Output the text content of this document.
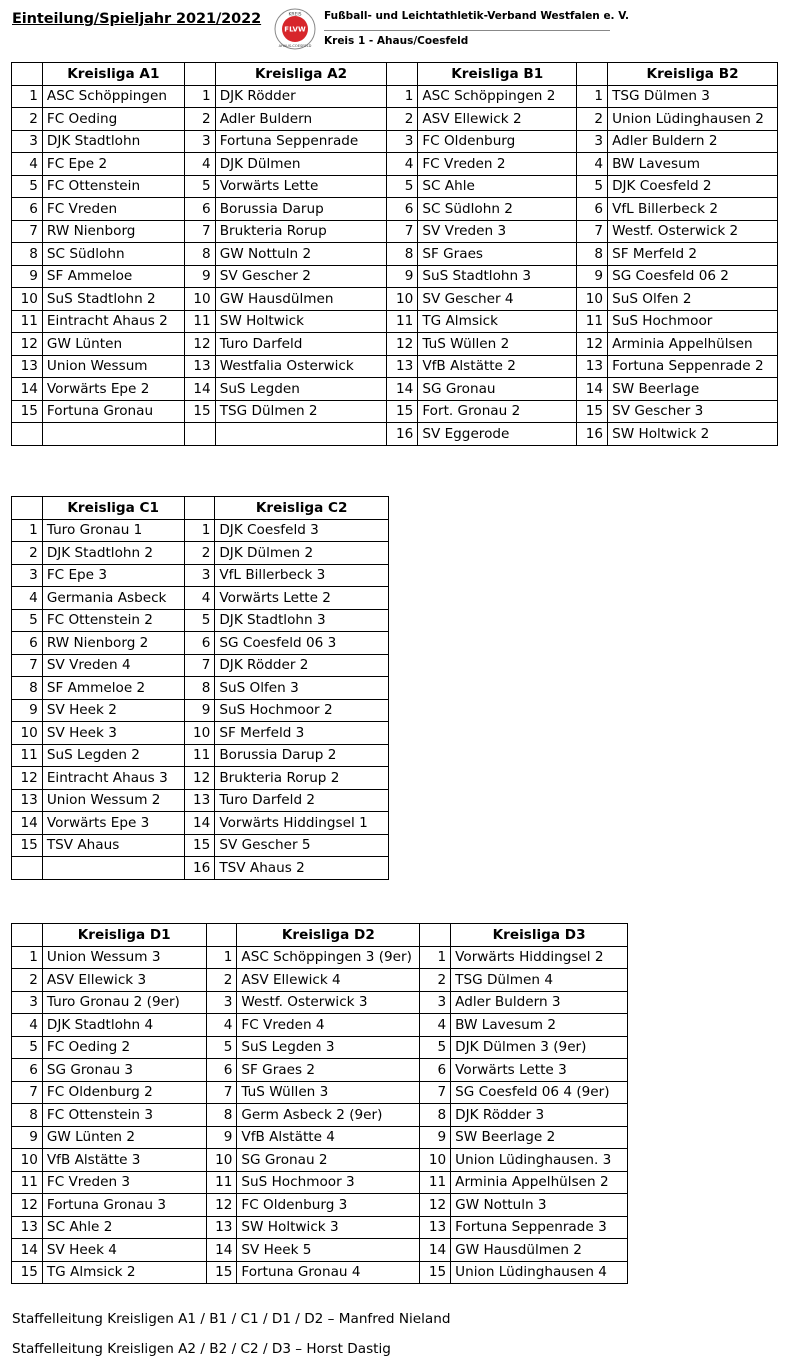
Einteilung/Spieljahr 2021/2022	KREIS
FLVW
AHAUS-COESFELD
Fußball- und Leichtathletik-Verband Westfalen e. V.
Kreis 1 - Ahaus/Coesfeld
	Kreisliga A1		Kreisliga A2		Kreisliga B1		Kreisliga B2
1	ASC Schöppingen	1	DJK Rödder	1	ASC Schöppingen 2	1	TSG Dülmen 3
2	FC Oeding	2	Adler Buldern	2	ASV Ellewick 2	2	Union Lüdinghausen 2
3	DJK Stadtlohn	3	Fortuna Seppenrade	3	FC Oldenburg	3	Adler Buldern 2
4	FC Epe 2	4	DJK Dülmen	4	FC Vreden 2	4	BW Lavesum
5	FC Ottenstein	5	Vorwärts Lette	5	SC Ahle	5	DJK Coesfeld 2
6	FC Vreden	6	Borussia Darup	6	SC Südlohn 2	6	VfL Billerbeck 2
7	RW Nienborg	7	Brukteria Rorup	7	SV Vreden 3	7	Westf. Osterwick 2
8	SC Südlohn	8	GW Nottuln 2	8	SF Graes	8	SF Merfeld 2
9	SF Ammeloe	9	SV Gescher 2	9	SuS Stadtlohn 3	9	SG Coesfeld 06 2
10	SuS Stadtlohn 2	10	GW Hausdülmen	10	SV Gescher 4	10	SuS Olfen 2
11	Eintracht Ahaus 2	11	SW Holtwick	11	TG Almsick	11	SuS Hochmoor
12	GW Lünten	12	Turo Darfeld	12	TuS Wüllen 2	12	Arminia Appelhülsen
13	Union Wessum	13	Westfalia Osterwick	13	VfB Alstätte 2	13	Fortuna Seppenrade 2
14	Vorwärts Epe 2	14	SuS Legden	14	SG Gronau	14	SW Beerlage
15	Fortuna Gronau	15	TSG Dülmen 2	15	Fort. Gronau 2	15	SV Gescher 3
				16	SV Eggerode	16	SW Holtwick 2
	Kreisliga C1		Kreisliga C2
1	Turo Gronau 1	1	DJK Coesfeld 3
2	DJK Stadtlohn 2	2	DJK Dülmen 2
3	FC Epe 3	3	VfL Billerbeck 3
4	Germania Asbeck	4	Vorwärts Lette 2
5	FC Ottenstein 2	5	DJK Stadtlohn 3
6	RW Nienborg 2	6	SG Coesfeld 06 3
7	SV Vreden 4	7	DJK Rödder 2
8	SF Ammeloe 2	8	SuS Olfen 3
9	SV Heek 2	9	SuS Hochmoor 2
10	SV Heek 3	10	SF Merfeld 3
11	SuS Legden 2	11	Borussia Darup 2
12	Eintracht Ahaus 3	12	Brukteria Rorup 2
13	Union Wessum 2	13	Turo Darfeld 2
14	Vorwärts Epe 3	14	Vorwärts Hiddingsel 1
15	TSV Ahaus	15	SV Gescher 5
		16	TSV Ahaus 2
	Kreisliga D1		Kreisliga D2		Kreisliga D3
1	Union Wessum 3	1	ASC Schöppingen 3 (9er)	1	Vorwärts Hiddingsel 2
2	ASV Ellewick 3	2	ASV Ellewick 4	2	TSG Dülmen 4
3	Turo Gronau 2 (9er)	3	Westf. Osterwick 3	3	Adler Buldern 3
4	DJK Stadtlohn 4	4	FC Vreden 4	4	BW Lavesum 2
5	FC Oeding 2	5	SuS Legden 3	5	DJK Dülmen 3 (9er)
6	SG Gronau 3	6	SF Graes 2	6	Vorwärts Lette 3
7	FC Oldenburg 2	7	TuS Wüllen 3	7	SG Coesfeld 06 4 (9er)
8	FC Ottenstein 3	8	Germ Asbeck 2 (9er)	8	DJK Rödder 3
9	GW Lünten 2	9	VfB Alstätte 4	9	SW Beerlage 2
10	VfB Alstätte 3	10	SG Gronau 2	10	Union Lüdinghausen. 3
11	FC Vreden 3	11	SuS Hochmoor 3	11	Arminia Appelhülsen 2
12	Fortuna Gronau 3	12	FC Oldenburg 3	12	GW Nottuln 3
13	SC Ahle 2	13	SW Holtwick 3	13	Fortuna Seppenrade 3
14	SV Heek 4	14	SV Heek 5	14	GW Hausdülmen 2
15	TG Almsick 2	15	Fortuna Gronau 4	15	Union Lüdinghausen 4
Staffelleitung Kreisligen A1 / B1 / C1 / D1 / D2 – Manfred Nieland
Staffelleitung Kreisligen A2 / B2 / C2 / D3 – Horst Dastig
